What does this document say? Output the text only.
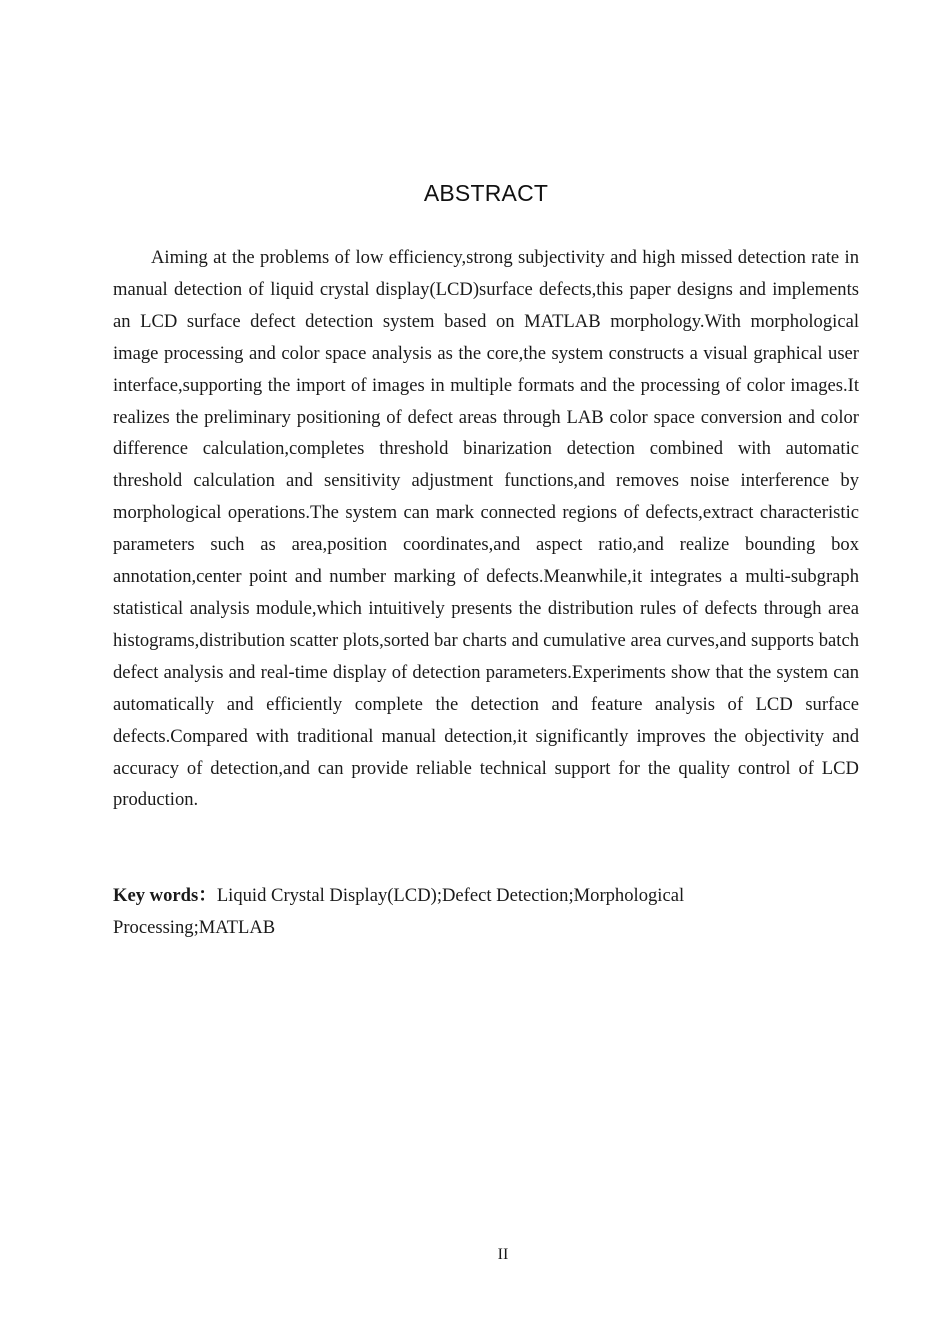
ABSTRACT

Aiming at the problems of low efficiency,strong subjectivity and high missed detection rate in manual detection of liquid crystal display(LCD)surface defects,this paper designs and implements an LCD surface defect detection system based on MATLAB morphology.With morphological image processing and color space analysis as the core,the system constructs a visual graphical user interface,supporting the import of images in multiple formats and the processing of color images.It realizes the preliminary positioning of defect areas through LAB color space conversion and color difference calculation,completes threshold binarization detection combined with automatic threshold calculation and sensitivity adjustment functions,and removes noise interference by morphological operations.The system can mark connected regions of defects,extract characteristic parameters such as area,position coordinates,and aspect ratio,and realize bounding box annotation,center point and number marking of defects.Meanwhile,it integrates a multi-subgraph statistical analysis module,which intuitively presents the distribution rules of defects through area histograms,distribution scatter plots,sorted bar charts and cumulative area curves,and supports batch defect analysis and real-time display of detection parameters.Experiments show that the system can automatically and efficiently complete the detection and feature analysis of LCD surface defects.Compared with traditional manual detection,it significantly improves the objectivity and accuracy of detection,and can provide reliable technical support for the quality control of LCD production.

Key words：Liquid Crystal Display(LCD);Defect Detection;Morphological Processing;MATLAB

II
